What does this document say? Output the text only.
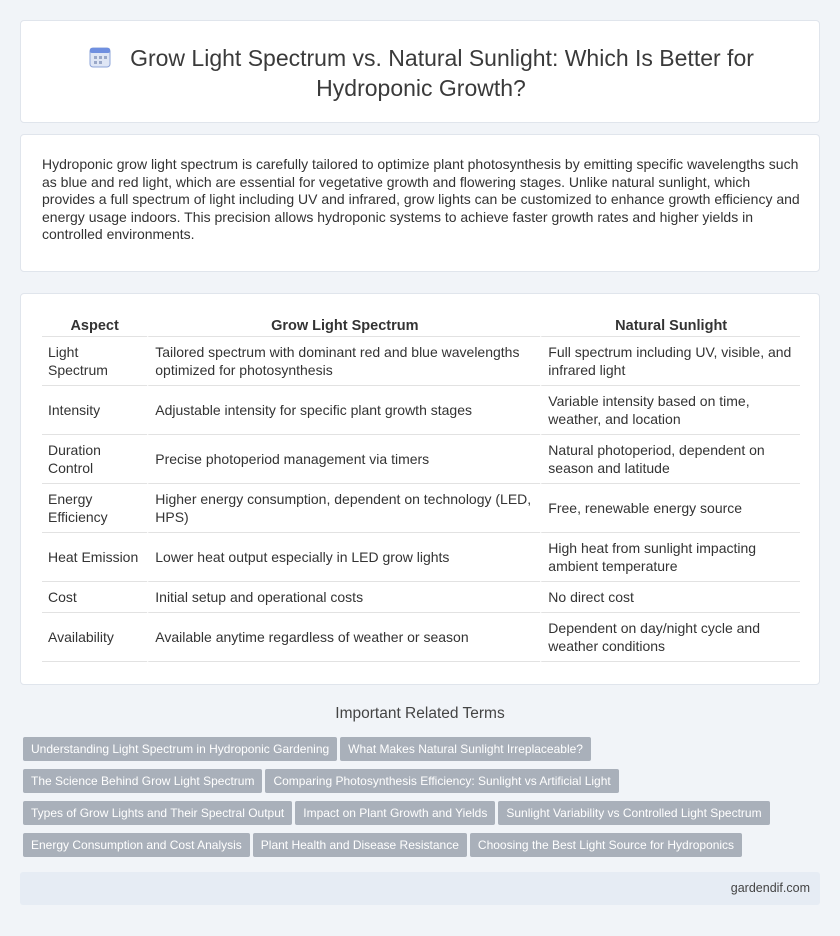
Grow Light Spectrum vs. Natural Sunlight: Which Is Better for
Hydroponic Growth?

Hydroponic grow light spectrum is carefully tailored to optimize plant photosynthesis by emitting specific wavelengths such as blue and red light, which are essential for vegetative growth and flowering stages. Unlike natural sunlight, which provides a full spectrum of light including UV and infrared, grow lights can be customized to enhance growth efficiency and energy usage indoors. This precision allows hydroponic systems to achieve faster growth rates and higher yields in controlled environments.

Aspect	Grow Light Spectrum	Natural Sunlight
Light Spectrum	Tailored spectrum with dominant red and blue wavelengths optimized for photosynthesis	Full spectrum including UV, visible, and infrared light
Intensity	Adjustable intensity for specific plant growth stages	Variable intensity based on time, weather, and location
Duration Control	Precise photoperiod management via timers	Natural photoperiod, dependent on season and latitude
Energy Efficiency	Higher energy consumption, dependent on technology (LED, HPS)	Free, renewable energy source
Heat Emission	Lower heat output especially in LED grow lights	High heat from sunlight impacting ambient temperature
Cost	Initial setup and operational costs	No direct cost
Availability	Available anytime regardless of weather or season	Dependent on day/night cycle and weather conditions
Important Related Terms
Understanding Light Spectrum in Hydroponic Gardening What Makes Natural Sunlight Irreplaceable?
The Science Behind Grow Light Spectrum Comparing Photosynthesis Efficiency: Sunlight vs Artificial Light
Types of Grow Lights and Their Spectral Output Impact on Plant Growth and Yields Sunlight Variability vs Controlled Light Spectrum
Energy Consumption and Cost Analysis Plant Health and Disease Resistance Choosing the Best Light Source for Hydroponics
gardendif.com
